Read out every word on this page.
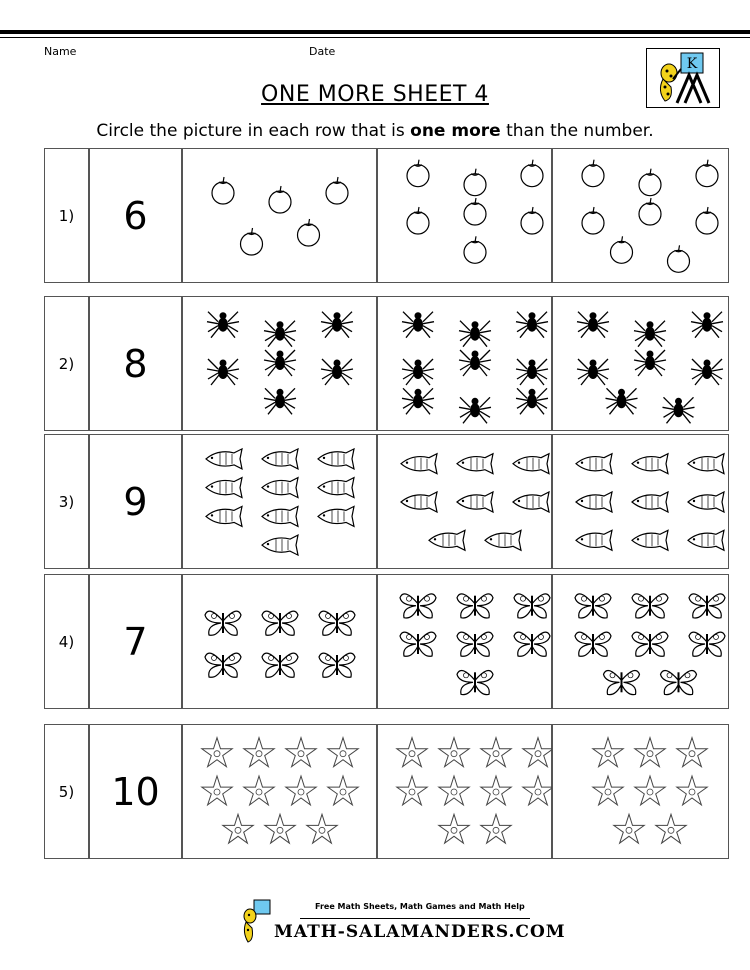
Name	Date
K
ONE MORE SHEET 4
Circle the picture in each row that is one more than the number.
1)	6
2)	8
3)	9
4)	7
5) 10
Free Math Sheets, Math Games and Math Help
MATH-SALAMANDERS.COM
